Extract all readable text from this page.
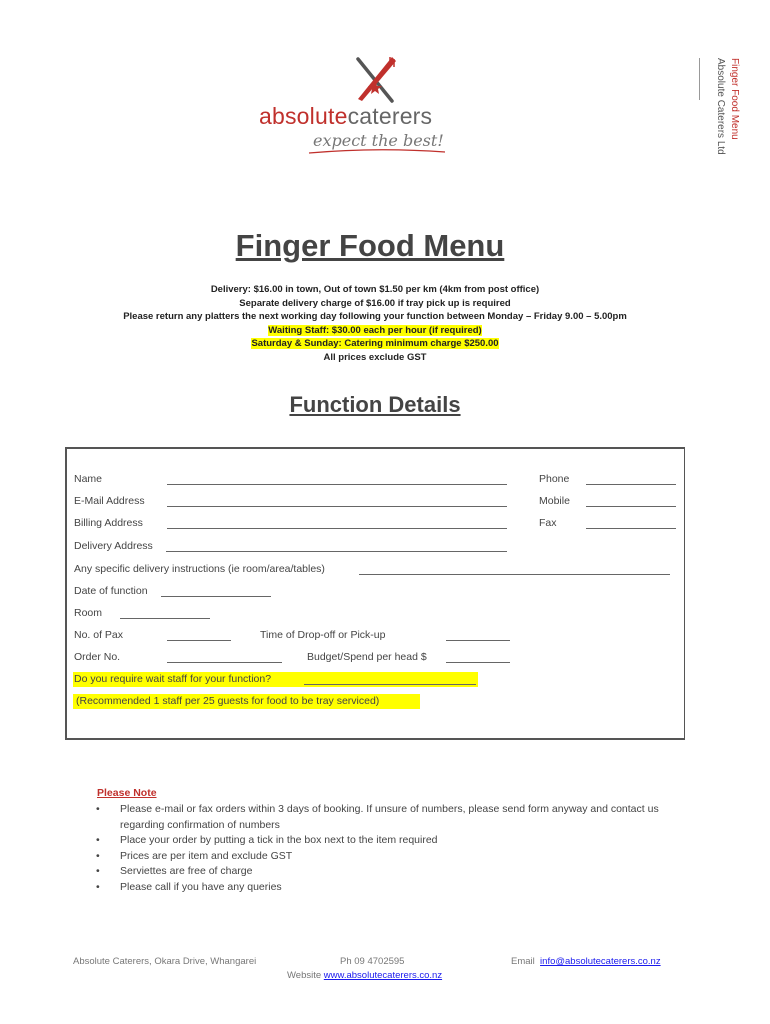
Finger Food Menu
Absolute Caterers Ltd
absolutecaterers
expect the best!
Finger Food Menu
Delivery: $16.00 in town, Out of town $1.50 per km (4km from post office)
Separate delivery charge of $16.00 if tray pick up is required
Please return any platters the next working day following your function between Monday – Friday 9.00 – 5.00pm
Waiting Staff: $30.00 each per hour (if required)
Saturday & Sunday: Catering minimum charge $250.00
All prices exclude GST
Function Details
Name	Phone
E-Mail Address	Mobile
Billing Address	Fax
Delivery Address
Any specific delivery instructions (ie room/area/tables)
Date of function
Room
No. of Pax	Time of Drop-off or Pick-up
Order No.	Budget/Spend per head $
Do you require wait staff for your function?
(Recommended 1 staff per 25 guests for food to be tray serviced)
Please Note
• Please e-mail or fax orders within 3 days of booking. If unsure of numbers, please send form anyway and contact us regarding confirmation of numbers
• Place your order by putting a tick in the box next to the item required
• Prices are per item and exclude GST
• Serviettes are free of charge
• Please call if you have any queries
Absolute Caterers, Okara Drive, Whangarei	Ph 09 4702595	Email info@absolutecaterers.co.nz
Website www.absolutecaterers.co.nz
